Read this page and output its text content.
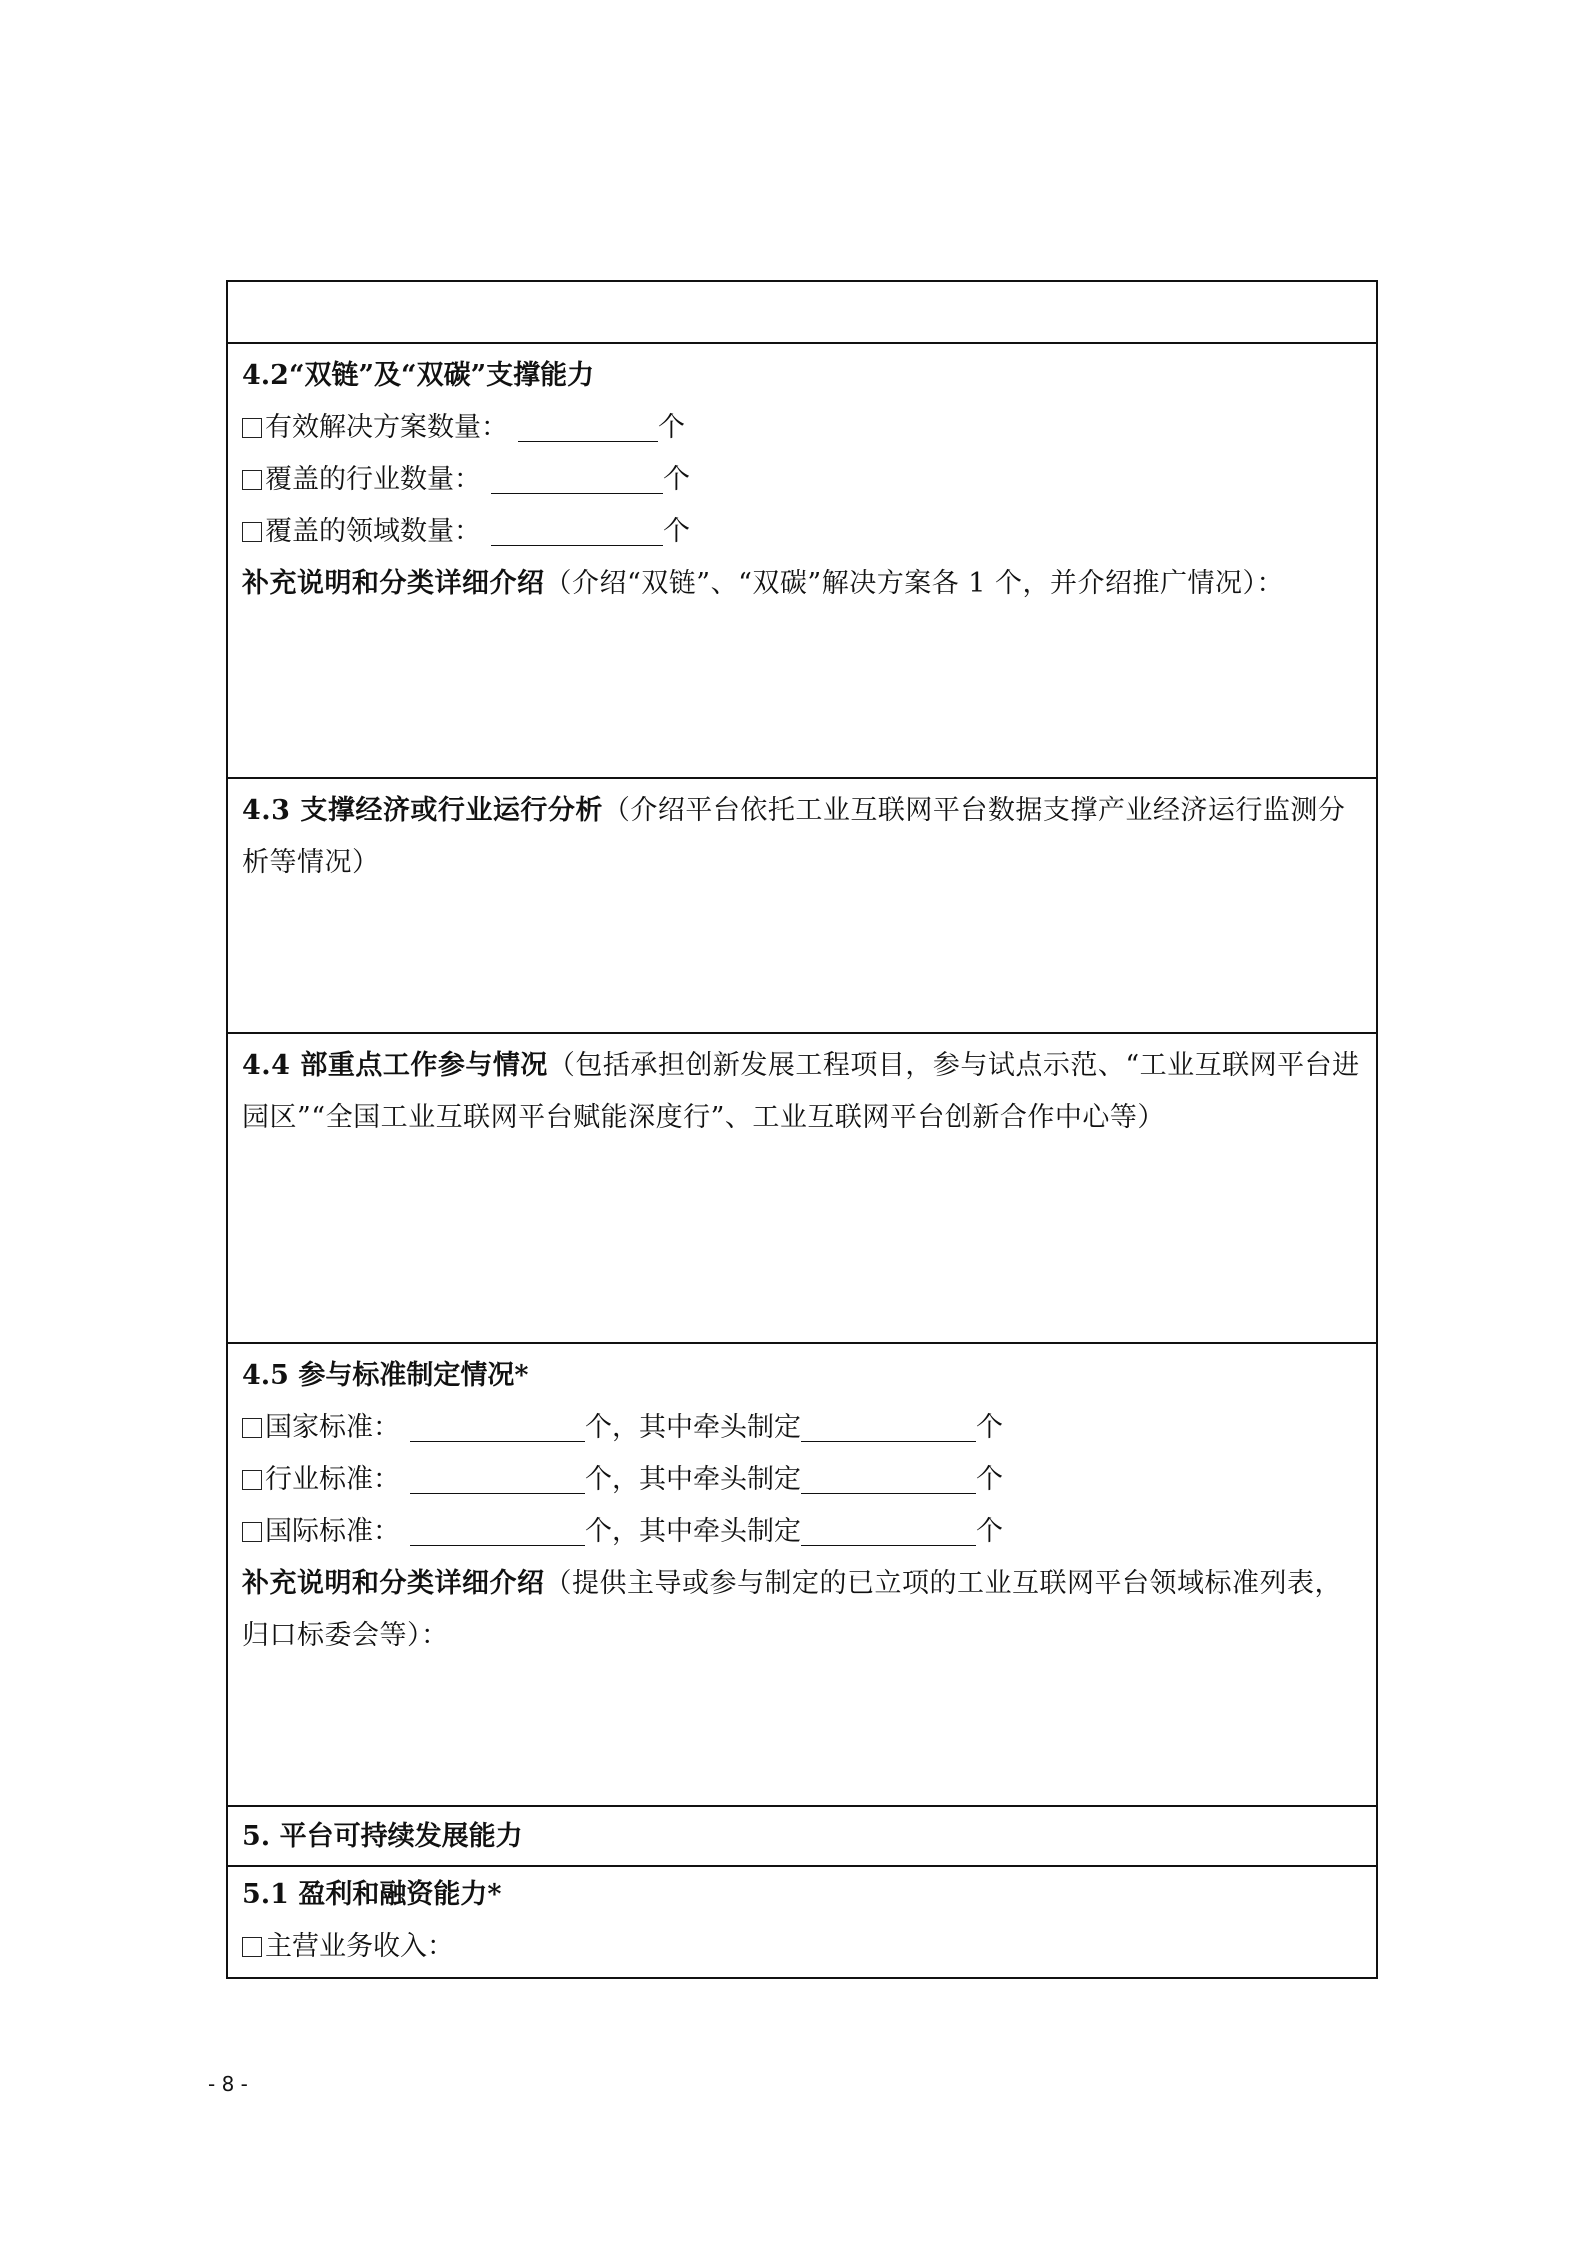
4.2“双链”及“双碳”支撑能力
有效解决方案数量：	个
覆盖的行业数量：	个
覆盖的领域数量：	个
补充说明和分类详细介绍（介绍“双链”、“双碳”解决方案各 1 个，并介绍推广情况）：
4.3 支撑经济或行业运行分析（介绍平台依托工业互联网平台数据支撑产业经济运行监测分析等情况）
4.4 部重点工作参与情况（包括承担创新发展工程项目，参与试点示范、“工业互联网平台进园区”“全国工业互联网平台赋能深度行”、工业互联网平台创新合作中心等）
4.5 参与标准制定情况*
国家标准：	个，其中牵头制定	个
行业标准：	个，其中牵头制定	个
国际标准：	个，其中牵头制定	个
补充说明和分类详细介绍（提供主导或参与制定的已立项的工业互联网平台领域标准列表，归口标委会等）：
5. 平台可持续发展能力
5.1 盈利和融资能力*
主营业务收入：
- 8 -
